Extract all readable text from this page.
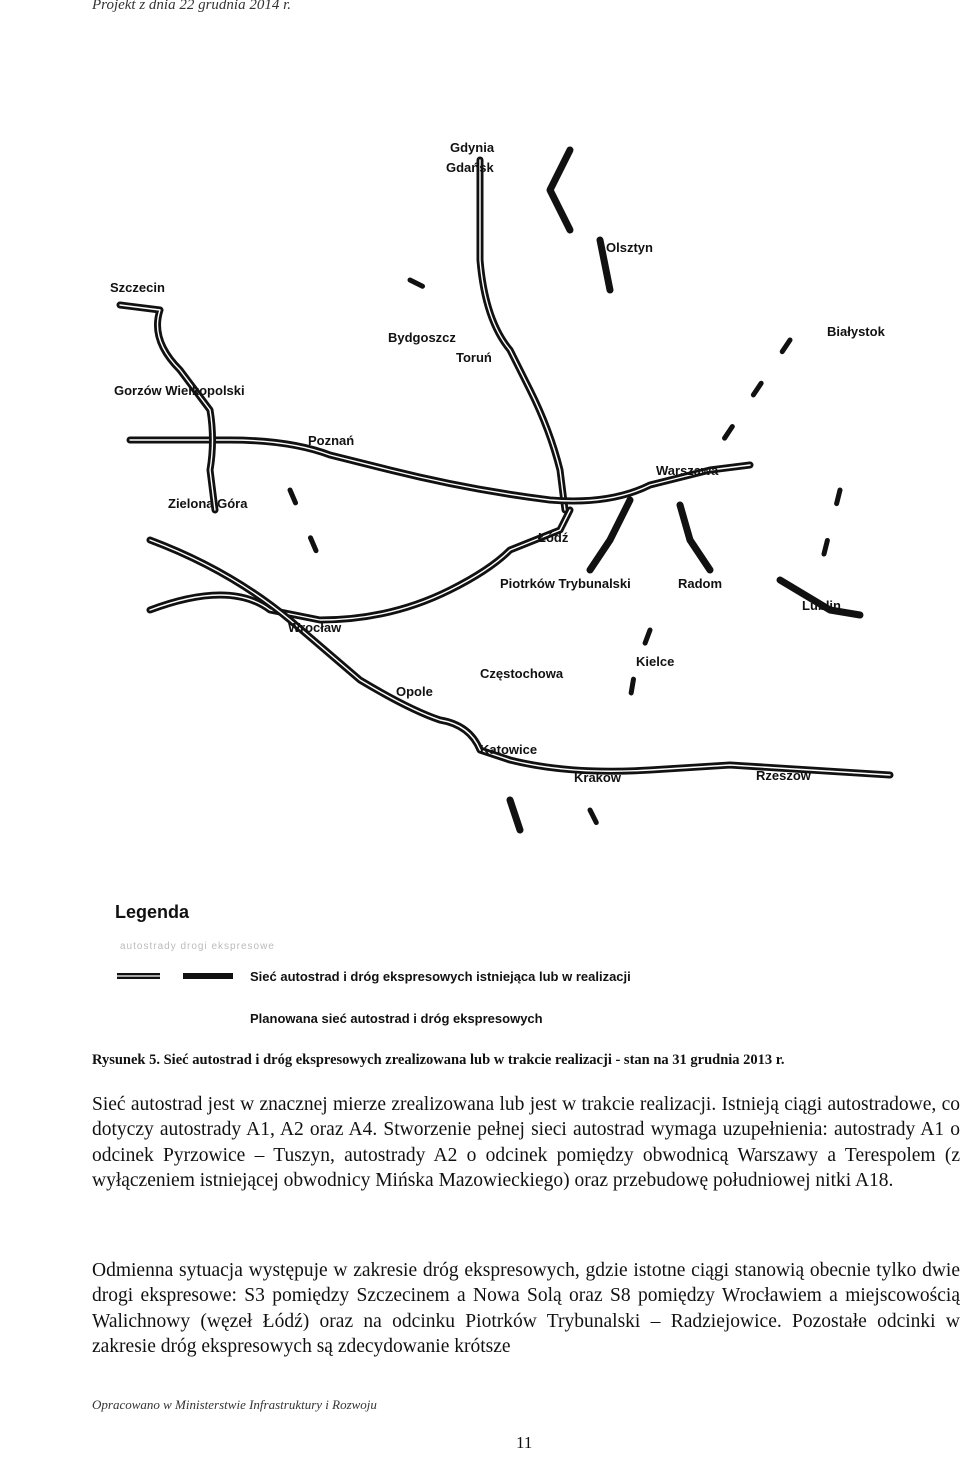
Projekt z dnia 22 grudnia 2014 r.
Gdynia
Gdańsk
Olsztyn
Szczecin
Bydgoszcz
Toruń
Białystok
Gorzów Wielkopolski
Poznań
Warszawa
Zielona Góra
Łódź
Piotrków Trybunalski	Radom
Lublin
Wrocław
Częstochowa
Kielce
Opole
Katowice
Kraków	Rzeszów
Legenda
autostrady drogi ekspresowe
Sieć autostrad i dróg ekspresowych istniejąca lub w realizacji
Planowana sieć autostrad i dróg ekspresowych
Rysunek 5. Sieć autostrad i dróg ekspresowych zrealizowana lub w trakcie realizacji - stan na 31 grudnia 2013 r.
Sieć autostrad jest w znacznej mierze zrealizowana lub jest w trakcie realizacji. Istnieją ciągi autostradowe, co dotyczy autostrady A1, A2 oraz A4. Stworzenie pełnej sieci autostrad wymaga uzupełnienia: autostrady A1 o odcinek Pyrzowice – Tuszyn, autostrady A2 o odcinek pomiędzy obwodnicą Warszawy a Terespolem (z wyłączeniem istniejącej obwodnicy Mińska Mazowieckiego) oraz przebudowę południowej nitki A18.
Odmienna sytuacja występuje w zakresie dróg ekspresowych, gdzie istotne ciągi stanowią obecnie tylko dwie drogi ekspresowe: S3 pomiędzy Szczecinem a Nowa Solą oraz S8 pomiędzy Wrocławiem a miejscowością Walichnowy (węzeł Łódź) oraz na odcinku Piotrków Trybunalski – Radziejowice. Pozostałe odcinki w zakresie dróg ekspresowych są zdecydowanie krótsze
Opracowano w Ministerstwie Infrastruktury i Rozwoju
11
